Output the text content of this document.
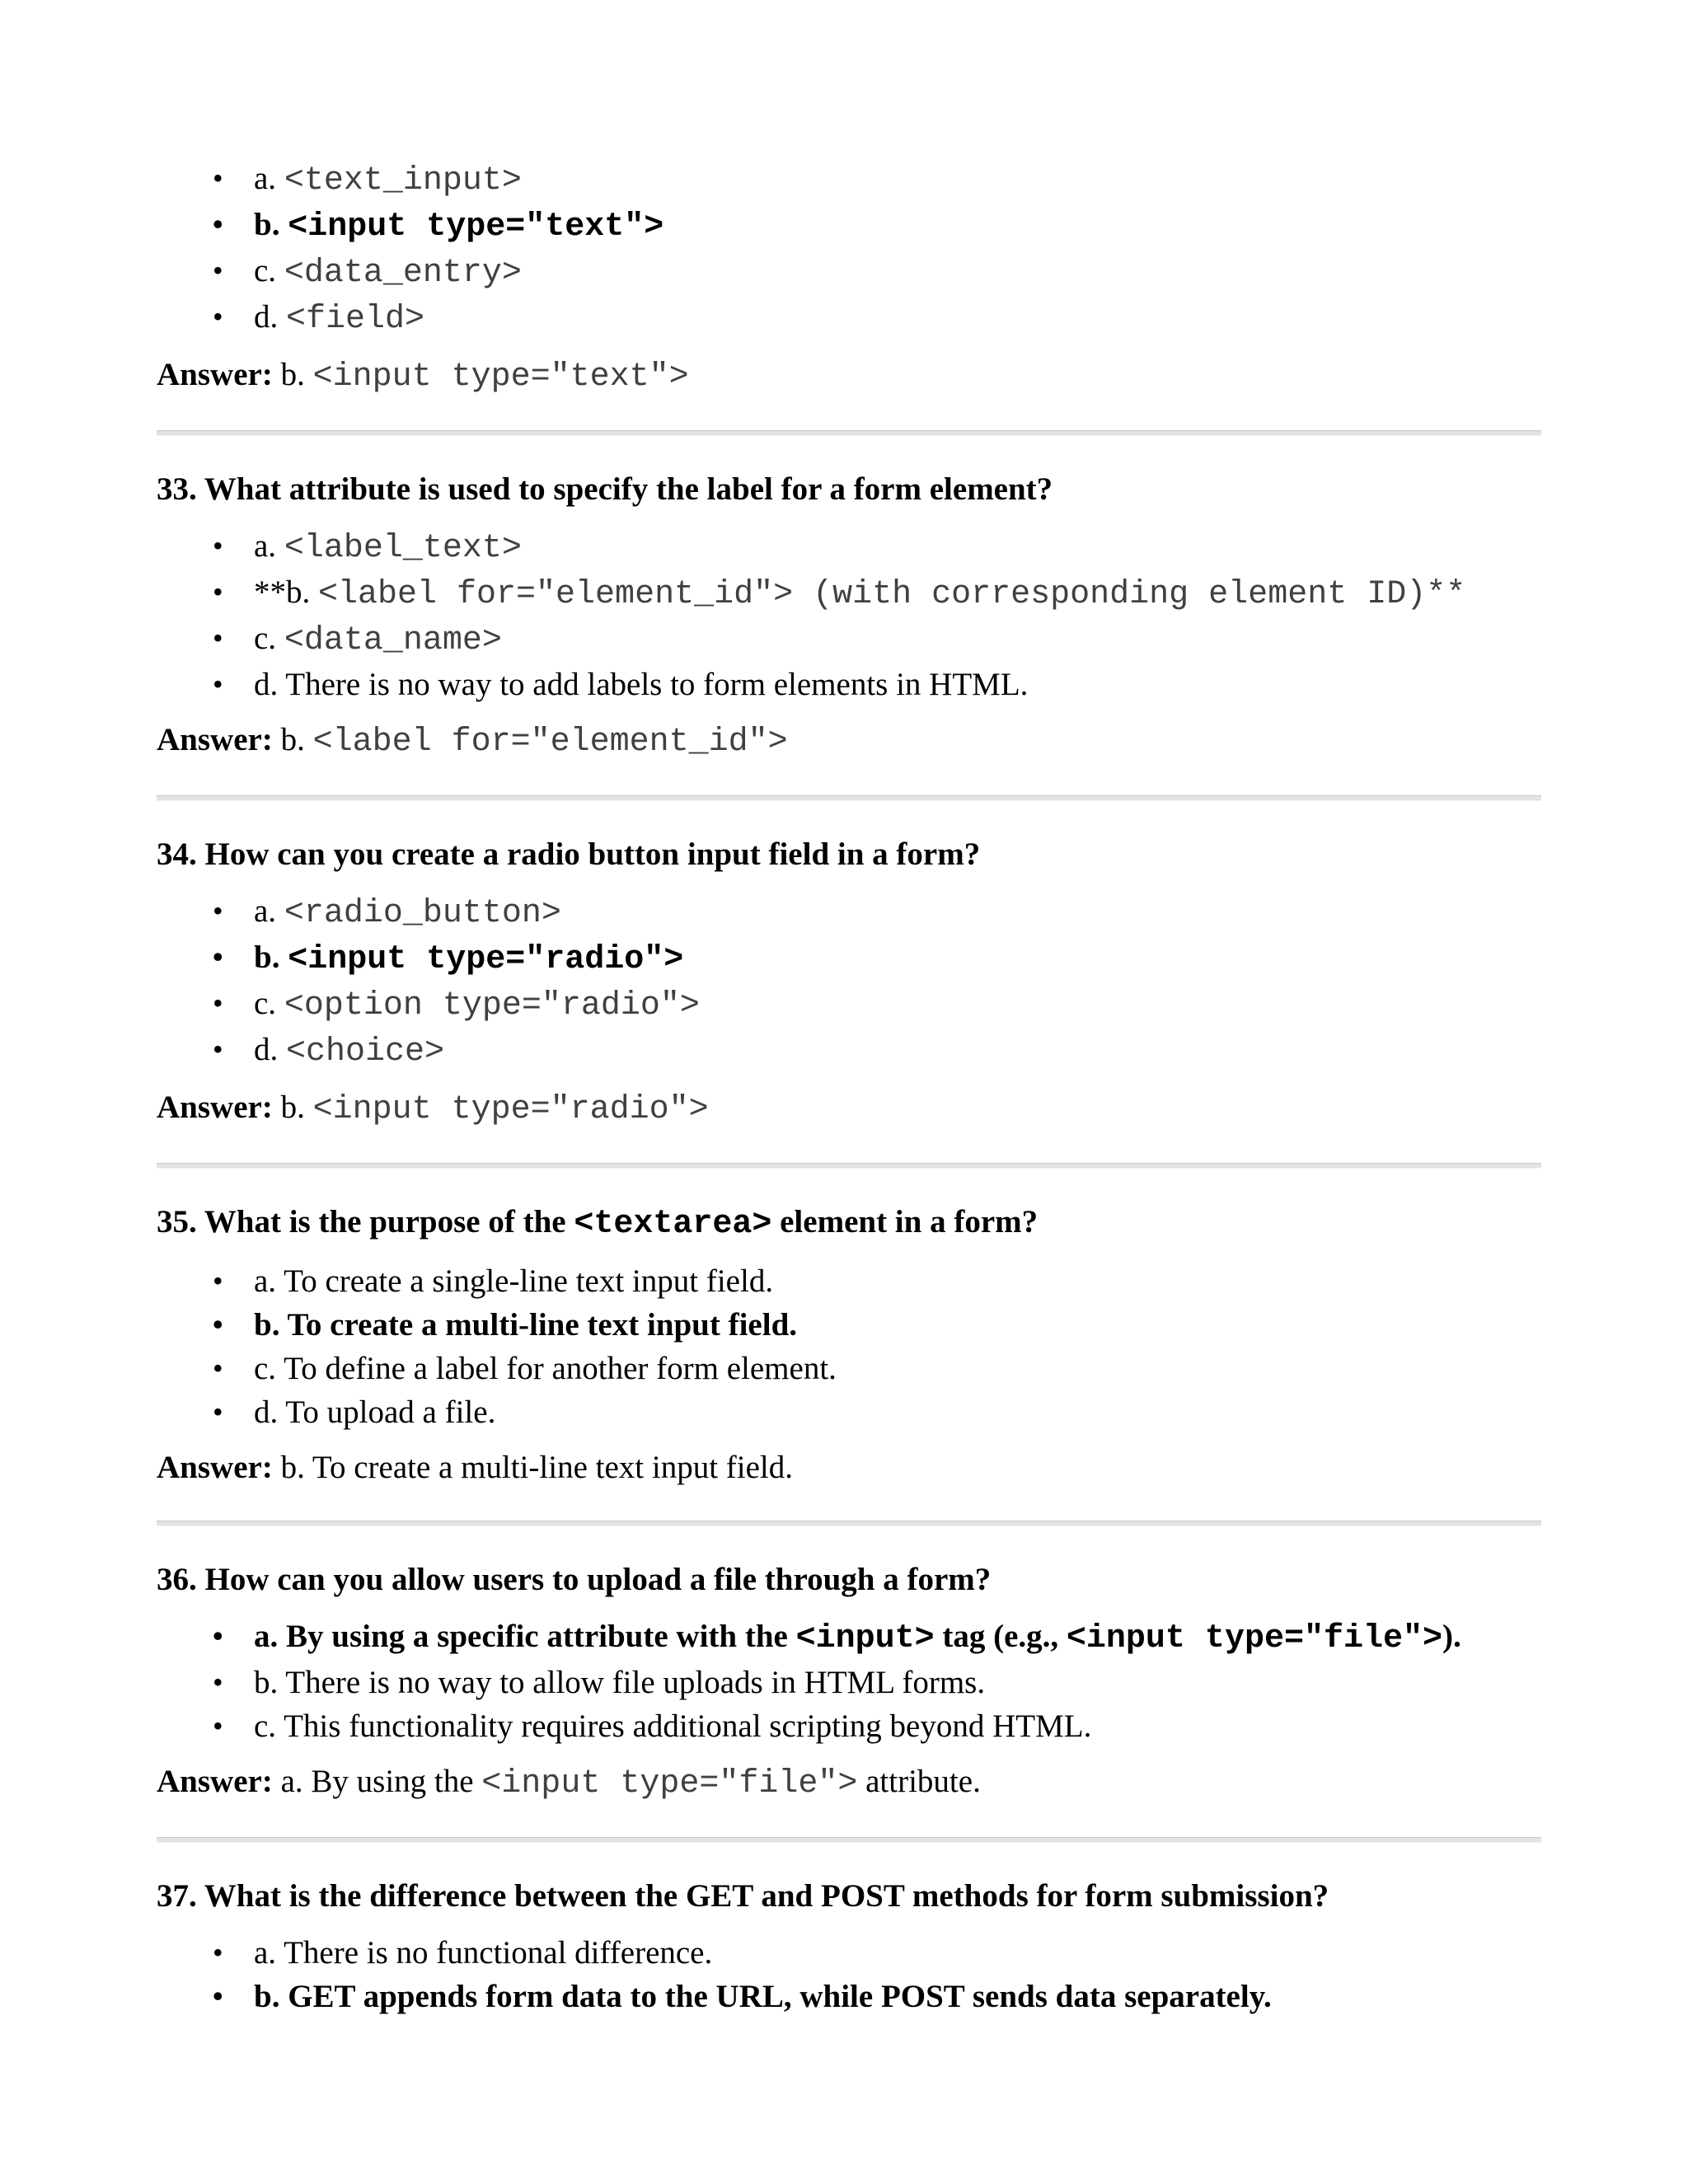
• a. <text_input>
• b. <input type="text">
• c. <data_entry>
• d. <field>
Answer: b. <input type="text">
33. What attribute is used to specify the label for a form element?
• a. <label_text>
• **b. <label for="element_id"> (with corresponding element ID)**
• c. <data_name>
• d. There is no way to add labels to form elements in HTML.
Answer: b. <label for="element_id">
34. How can you create a radio button input field in a form?
• a. <radio_button>
• b. <input type="radio">
• c. <option type="radio">
• d. <choice>
Answer: b. <input type="radio">
35. What is the purpose of the <textarea> element in a form?
• a. To create a single-line text input field.
• b. To create a multi-line text input field.
• c. To define a label for another form element.
• d. To upload a file.
Answer: b. To create a multi-line text input field.
36. How can you allow users to upload a file through a form?
• a. By using a specific attribute with the <input> tag (e.g., <input type="file">).
• b. There is no way to allow file uploads in HTML forms.
• c. This functionality requires additional scripting beyond HTML.
Answer: a. By using the <input type="file"> attribute.
37. What is the difference between the GET and POST methods for form submission?
• a. There is no functional difference.
• b. GET appends form data to the URL, while POST sends data separately.
